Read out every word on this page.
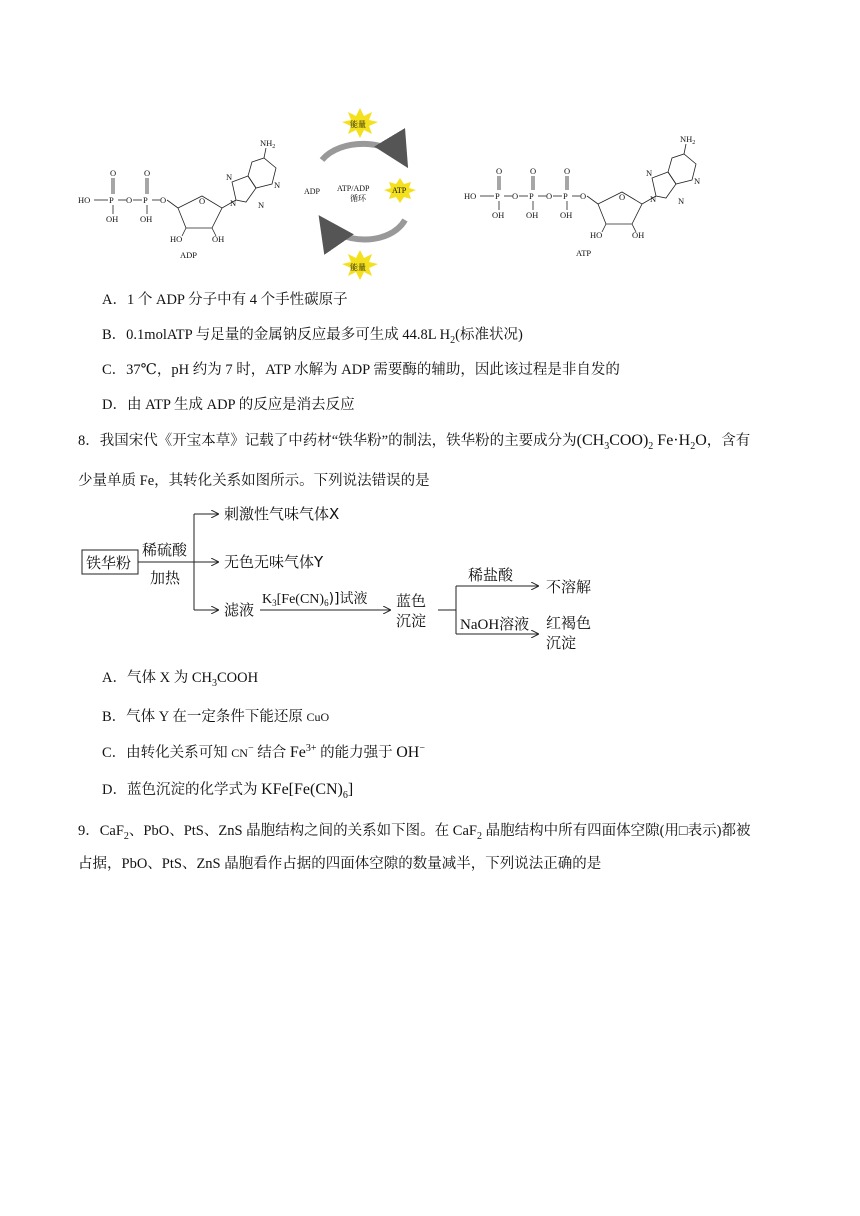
HO P
O
OH
O P
O
OH
O	O
HO	OH
N
N
N
N
$NH_2$
ADP
能量
能量
ADP	ATP
ATP/ADP
循环	HO P
O
OH
O P
O
OH
O P
O
OH
O	O
HO	OH
N
N
N
N
$NH_2$
ATP
A．1 个 ADP 分子中有 4 个手性碳原子
B．0.1molATP 与足量的金属钠反应最多可生成 44.8L $H_2$(标准状况)
C．37℃，pH 约为 7 时，ATP 水解为 ADP 需要酶的辅助，因此该过程是非自发的
D．由 ATP 生成 ADP 的反应是消去反应
8．我国宋代《开宝本草》记载了中药材“铁华粉”的制法，铁华粉的主要成分为$(CH_3COO)_2$ $Fe\cdot H_2O$，含有
少量单质 Fe，其转化关系如图所示。下列说法错误的是
铁华粉
稀硫酸
加热
刺激性气味气体X
无色无味气体Y
滤液
$K_3[Fe(CN)_6)$]试液 蓝色
沉淀
稀盐酸
不溶解
NaOH溶液 红褐色
沉淀
A．气体 X 为 $CH_3COOH$
B．气体 Y 在一定条件下能还原 CuO
C．由转化关系可知 CN− 结合 $Fe^{3+}$ 的能力强于 OH−
D．蓝色沉淀的化学式为 $KFe[Fe(CN)_6]$
9．CaF$_2$、PbO、PtS、ZnS 晶胞结构之间的关系如下图。在 CaF$_2$ 晶胞结构中所有四面体空隙(用□表示)都被
占据，PbO、PtS、ZnS 晶胞看作占据的四面体空隙的数量减半，下列说法正确的是
